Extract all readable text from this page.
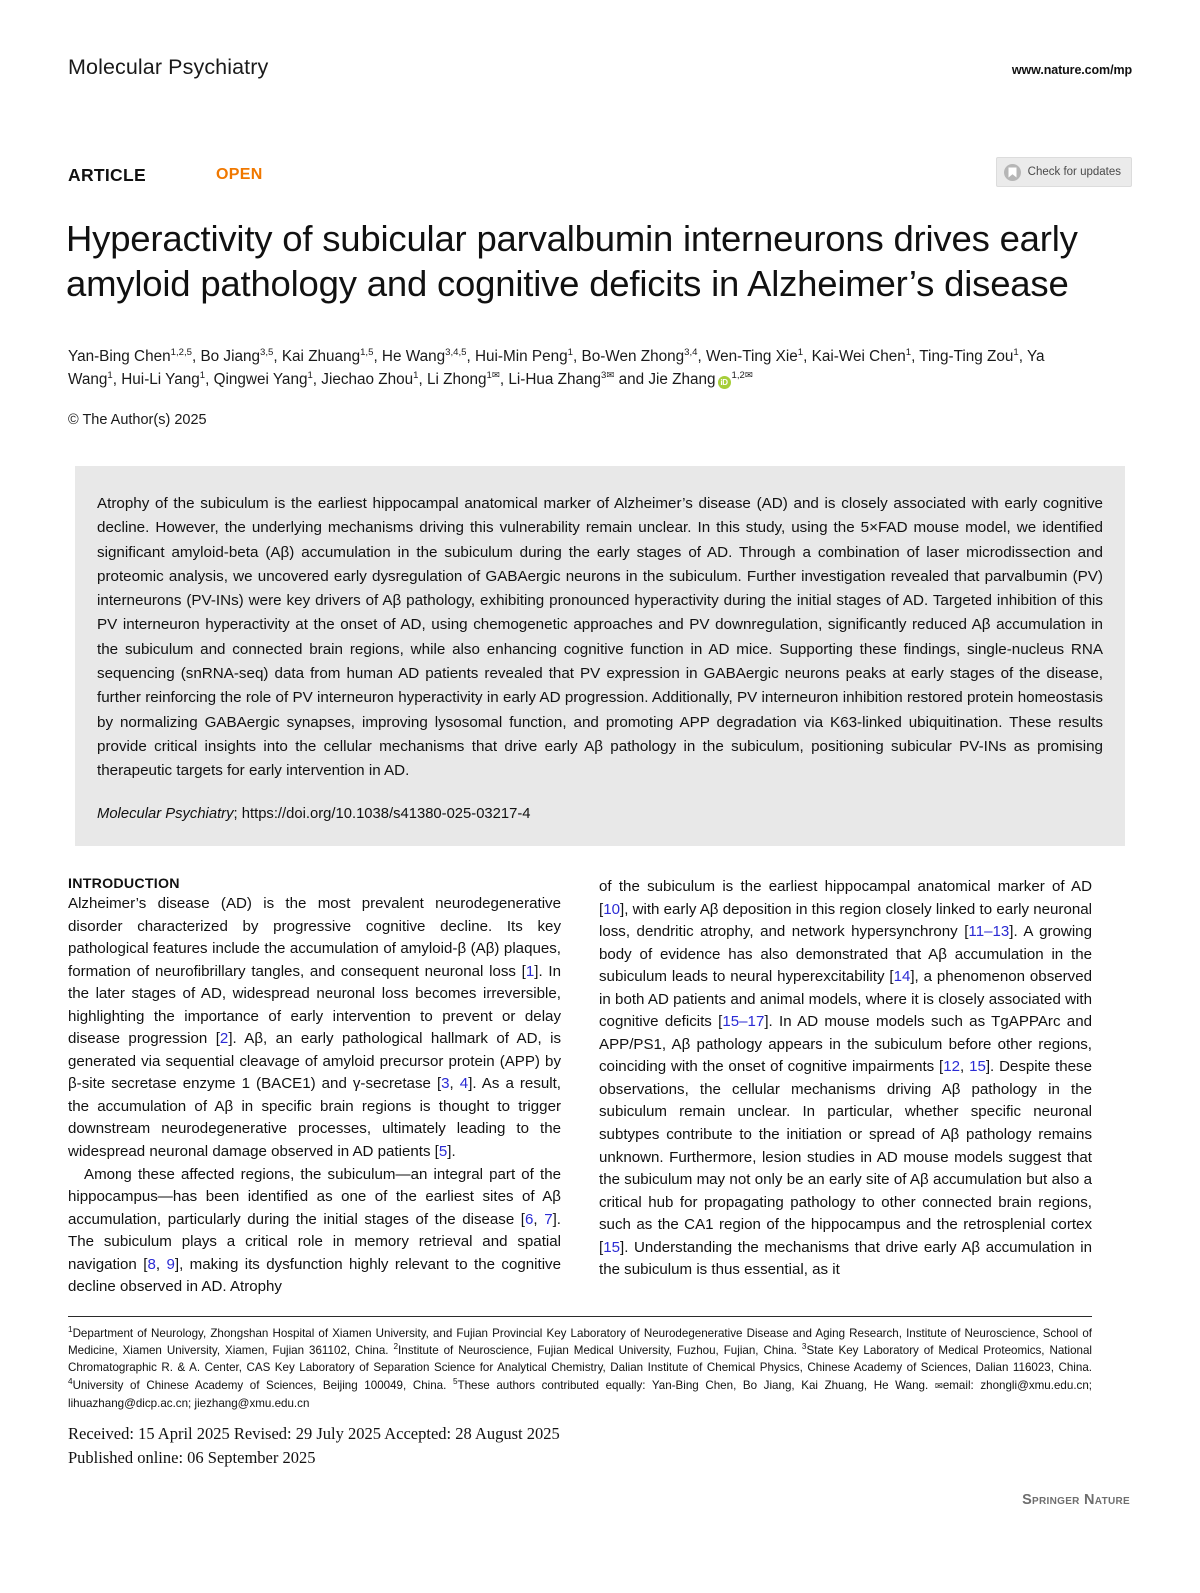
Molecular Psychiatry	www.nature.com/mp
ARTICLE	OPEN	Check for updates
Hyperactivity of subicular parvalbumin interneurons drives early amyloid pathology and cognitive deficits in Alzheimer’s disease
Yan-Bing Chen$^{1,2,5}$, Bo Jiang$^{3,5}$, Kai Zhuang$^{1,5}$, He Wang$^{3,4,5}$, Hui-Min Peng$^1$, Bo-Wen Zhong$^{3,4}$, Wen-Ting Xie$^1$, Kai-Wei Chen$^1$, Ting-Ting Zou$^1$, Ya Wang$^1$, Hui-Li Yang$^1$, Qingwei Yang$^1$, Jiechao Zhou$^1$, Li Zhong$^{1✉}$, Li-Hua Zhang$^{3✉}$ and Jie Zhang $iD^{1,2✉}$
© The Author(s) 2025

Atrophy of the subiculum is the earliest hippocampal anatomical marker of Alzheimer’s disease (AD) and is closely associated with early cognitive decline. However, the underlying mechanisms driving this vulnerability remain unclear. In this study, using the 5×FAD mouse model, we identified significant amyloid-beta (Aβ) accumulation in the subiculum during the early stages of AD. Through a combination of laser microdissection and proteomic analysis, we uncovered early dysregulation of GABAergic neurons in the subiculum. Further investigation revealed that parvalbumin (PV) interneurons (PV-INs) were key drivers of Aβ pathology, exhibiting pronounced hyperactivity during the initial stages of AD. Targeted inhibition of this PV interneuron hyperactivity at the onset of AD, using chemogenetic approaches and PV downregulation, significantly reduced Aβ accumulation in the subiculum and connected brain regions, while also enhancing cognitive function in AD mice. Supporting these findings, single-nucleus RNA sequencing (snRNA-seq) data from human AD patients revealed that PV expression in GABAergic neurons peaks at early stages of the disease, further reinforcing the role of PV interneuron hyperactivity in early AD progression. Additionally, PV interneuron inhibition restored protein homeostasis by normalizing GABAergic synapses, improving lysosomal function, and promoting APP degradation via K63-linked ubiquitination. These results provide critical insights into the cellular mechanisms that drive early Aβ pathology in the subiculum, positioning subicular PV-INs as promising therapeutic targets for early intervention in AD.

Molecular Psychiatry; https://doi.org/10.1038/s41380-025-03217-4

INTRODUCTION

Alzheimer’s disease (AD) is the most prevalent neurodegenerative disorder characterized by progressive cognitive decline. Its key pathological features include the accumulation of amyloid-β (Aβ) plaques, formation of neurofibrillary tangles, and consequent neuronal loss [1]. In the later stages of AD, widespread neuronal loss becomes irreversible, highlighting the importance of early intervention to prevent or delay disease progression [2]. Aβ, an early pathological hallmark of AD, is generated via sequential cleavage of amyloid precursor protein (APP) by β-site secretase enzyme 1 (BACE1) and γ-secretase [3, 4]. As a result, the accumulation of Aβ in specific brain regions is thought to trigger downstream neurodegenerative processes, ultimately leading to the widespread neuronal damage observed in AD patients [5].

Among these affected regions, the subiculum—an integral part of the hippocampus—has been identified as one of the earliest sites of Aβ accumulation, particularly during the initial stages of the disease [6, 7]. The subiculum plays a critical role in memory retrieval and spatial navigation [8, 9], making its dysfunction highly relevant to the cognitive decline observed in AD. Atrophy

of the subiculum is the earliest hippocampal anatomical marker of AD [10], with early Aβ deposition in this region closely linked to early neuronal loss, dendritic atrophy, and network hypersynchrony [11–13]. A growing body of evidence has also demonstrated that Aβ accumulation in the subiculum leads to neural hyperexcitability [14], a phenomenon observed in both AD patients and animal models, where it is closely associated with cognitive deficits [15–17]. In AD mouse models such as TgAPPArc and APP/PS1, Aβ pathology appears in the subiculum before other regions, coinciding with the onset of cognitive impairments [12, 15]. Despite these observations, the cellular mechanisms driving Aβ pathology in the subiculum remain unclear. In particular, whether specific neuronal subtypes contribute to the initiation or spread of Aβ pathology remains unknown. Furthermore, lesion studies in AD mouse models suggest that the subiculum may not only be an early site of Aβ accumulation but also a critical hub for propagating pathology to other connected brain regions, such as the CA1 region of the hippocampus and the retrosplenial cortex [15]. Understanding the mechanisms that drive early Aβ accumulation in the subiculum is thus essential, as it

$^1$Department of Neurology, Zhongshan Hospital of Xiamen University, and Fujian Provincial Key Laboratory of Neurodegenerative Disease and Aging Research, Institute of Neuroscience, School of Medicine, Xiamen University, Xiamen, Fujian 361102, China. $^2$Institute of Neuroscience, Fujian Medical University, Fuzhou, Fujian, China. $^3$State Key Laboratory of Medical Proteomics, National Chromatographic R. & A. Center, CAS Key Laboratory of Separation Science for Analytical Chemistry, Dalian Institute of Chemical Physics, Chinese Academy of Sciences, Dalian 116023, China. $^4$University of Chinese Academy of Sciences, Beijing 100049, China. $^5$These authors contributed equally: Yan-Bing Chen, Bo Jiang, Kai Zhuang, He Wang. ✉email: zhongli@xmu.edu.cn; lihuazhang@dicp.ac.cn; jiezhang@xmu.edu.cn
Received: 15 April 2025 Revised: 29 July 2025 Accepted: 28 August 2025
Published online: 06 September 2025
Springer Nature
